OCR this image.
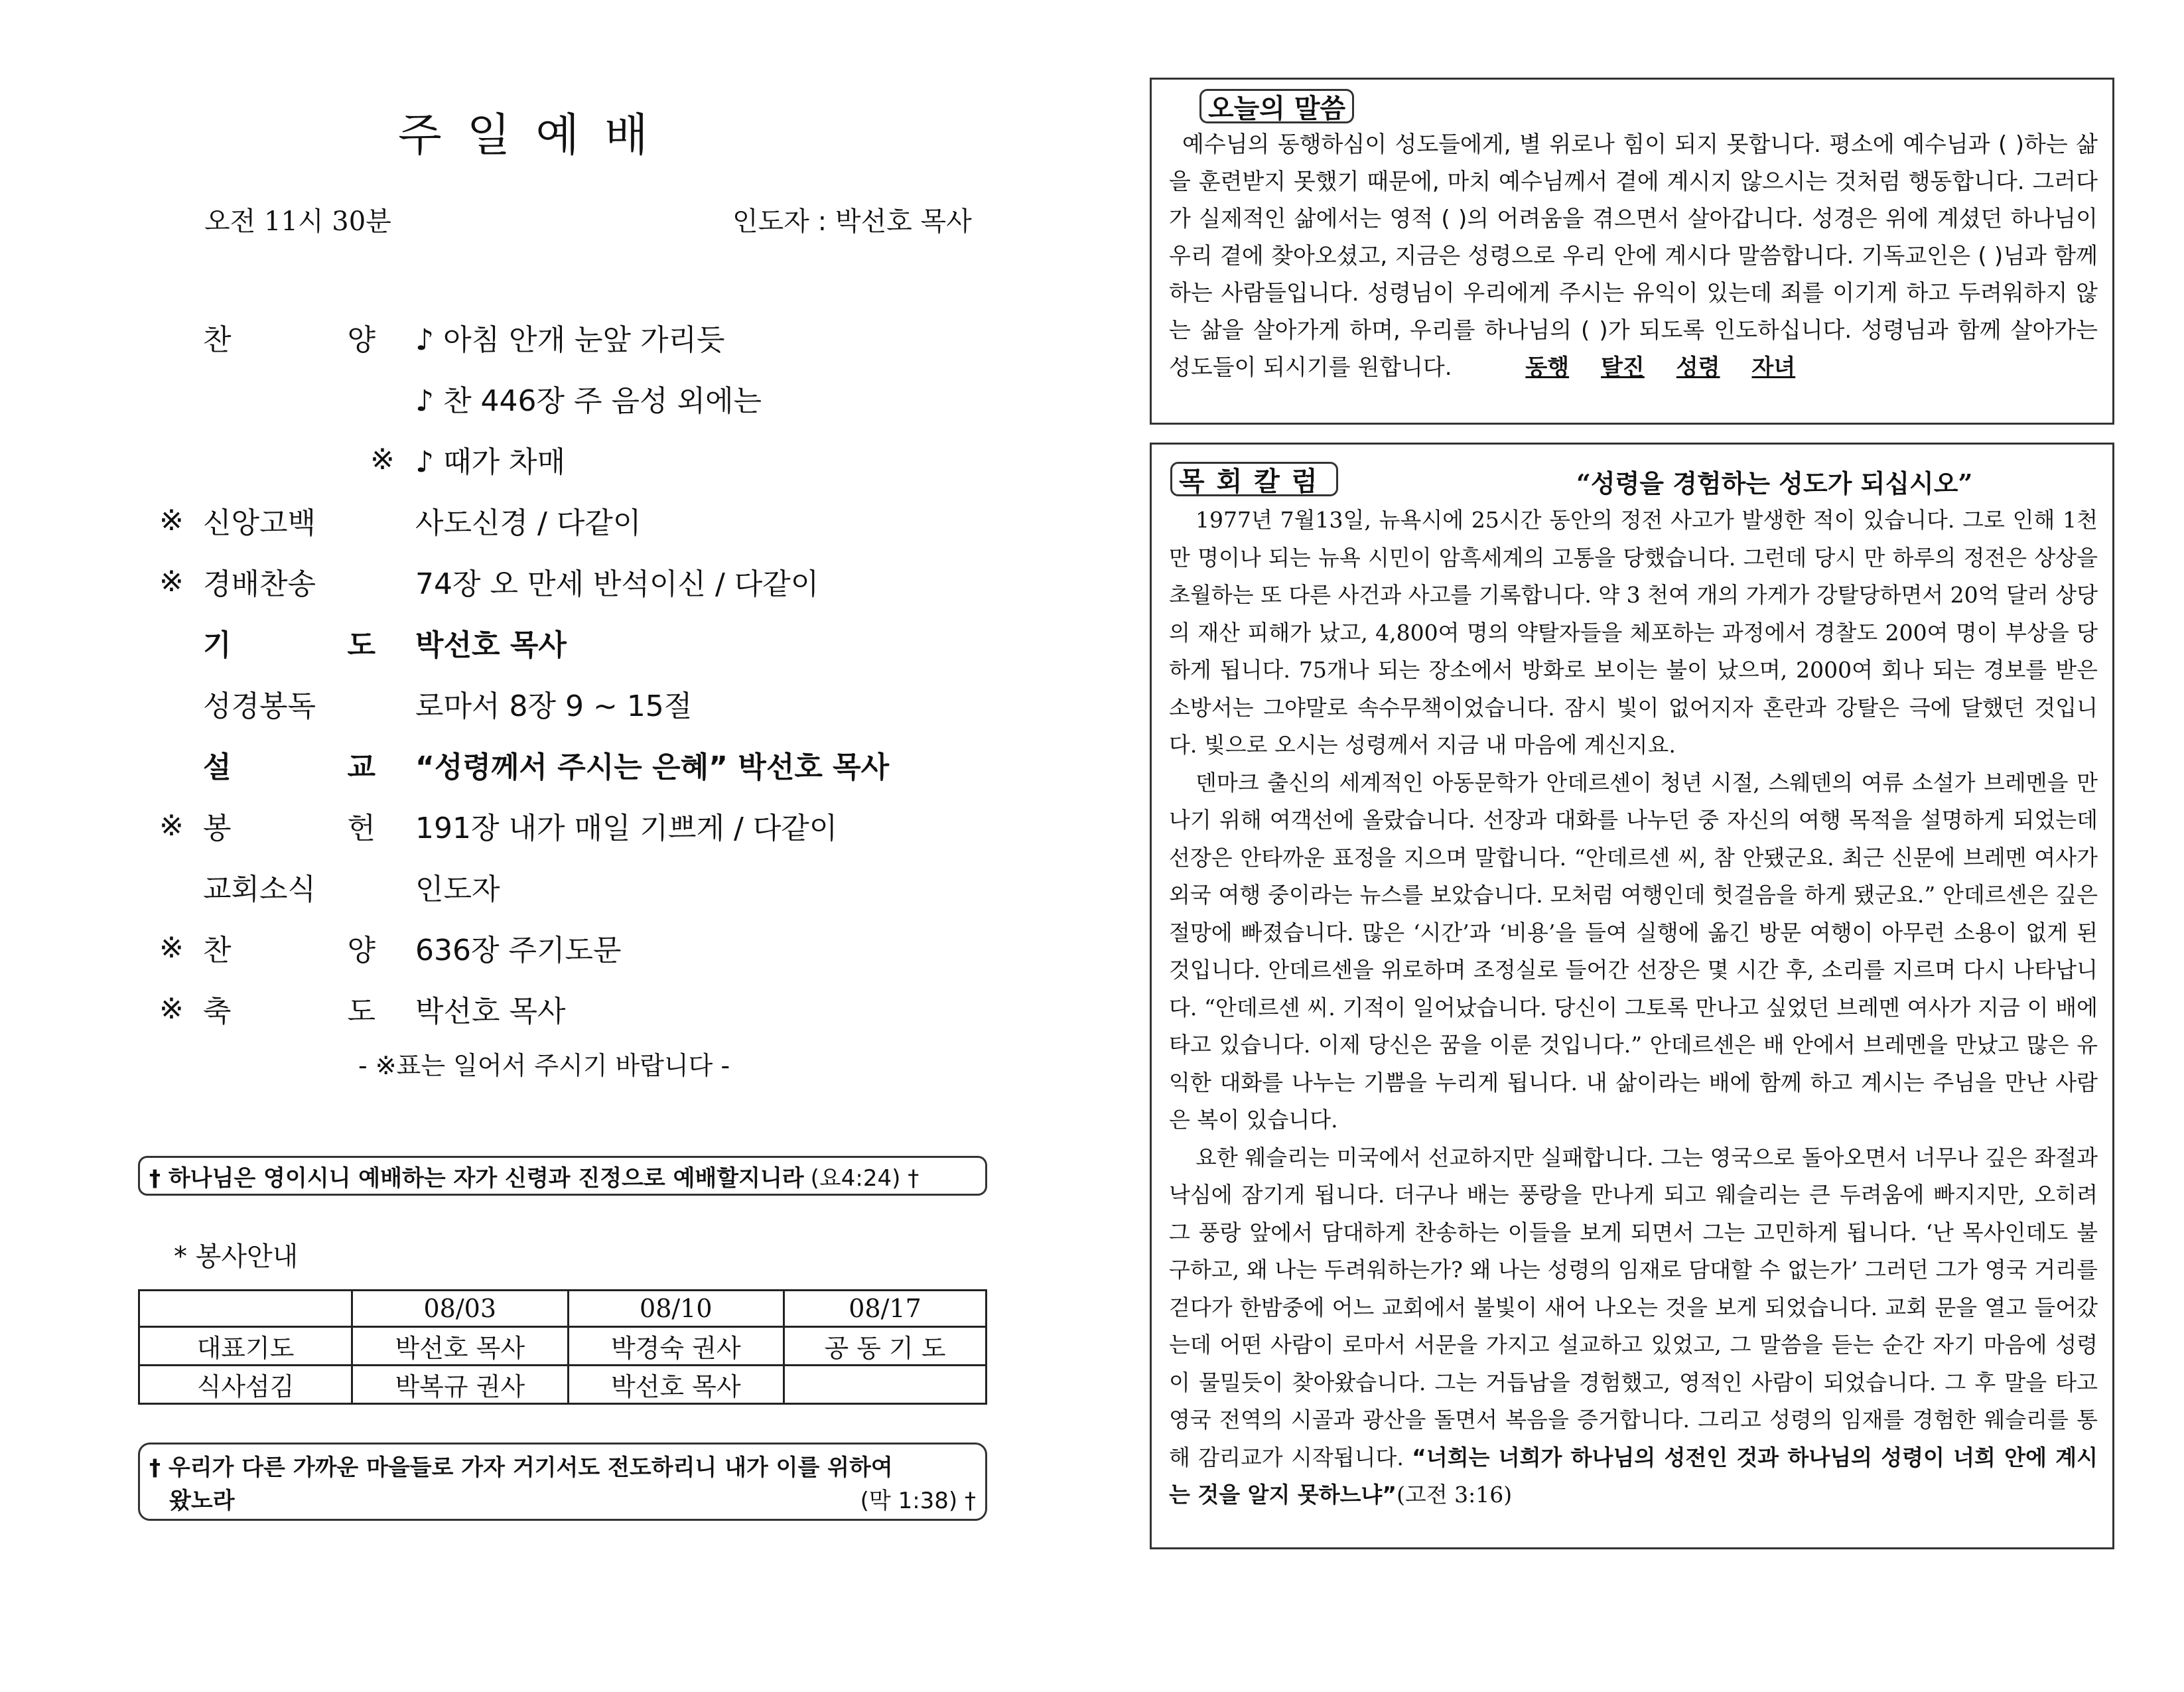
주일예배
오전 11시 30분	인도자 : 박선호 목사
찬	양 ♪ 아침 안개 눈앞 가리듯
♪ 찬 446장 주 음성 외에는
※ ♪ 때가 차매
※ 신앙고백	사도신경 / 다같이
※ 경배찬송	74장 오 만세 반석이신 / 다같이
기	도 박선호 목사
성경봉독	로마서 8장 9 ~ 15절
설	교 “성령께서 주시는 은혜” 박선호 목사
※ 봉	헌 191장 내가 매일 기쁘게 / 다같이
교회소식	인도자
※ 찬	양 636장 주기도문
※ 축	도 박선호 목사
- ※표는 일어서 주시기 바랍니다 -
† 하나님은 영이시니 예배하는 자가 신령과 진정으로 예배할지니라 (요4:24) †
* 봉사안내
	08/03	08/10	08/17
대표기도	박선호 목사	박경숙 권사	공 동 기 도
식사섬김	박복규 권사	박선호 목사	
† 우리가 다른 가까운 마을들로 가자 거기서도 전도하리니 내가 이를 위하여
왔노라	(막 1:38) †
오늘의 말씀
예수님의 동행하심이 성도들에게, 별 위로나 힘이 되지 못합니다. 평소에 예수님과 ( )하는 삶을 훈련받지 못했기 때문에, 마치 예수님께서 곁에 계시지 않으시는 것처럼 행동합니다. 그러다가 실제적인 삶에서는 영적 ( )의 어려움을 겪으면서 살아갑니다. 성경은 위에 계셨던 하나님이 우리 곁에 찾아오셨고, 지금은 성령으로 우리 안에 계시다 말씀합니다. 기독교인은 ( )님과 함께하는 사람들입니다. 성령님이 우리에게 주시는 유익이 있는데 죄를 이기게 하고 두려워하지 않는 삶을 살아가게 하며, 우리를 하나님의 ( )가 되도록 인도하십니다. 성령님과 함께 살아가는 성도들이 되시기를 원합니다.	동행 탈진 성령 자녀
목회칼럼	“성령을 경험하는 성도가 되십시오”

1977년 7월13일, 뉴욕시에 25시간 동안의 정전 사고가 발생한 적이 있습니다. 그로 인해 1천만 명이나 되는 뉴욕 시민이 암흑세계의 고통을 당했습니다. 그런데 당시 만 하루의 정전은 상상을 초월하는 또 다른 사건과 사고를 기록합니다. 약 3 천여 개의 가게가 강탈당하면서 20억 달러 상당의 재산 피해가 났고, 4,800여 명의 약탈자들을 체포하는 과정에서 경찰도 200여 명이 부상을 당하게 됩니다. 75개나 되는 장소에서 방화로 보이는 불이 났으며, 2000여 회나 되는 경보를 받은 소방서는 그야말로 속수무책이었습니다. 잠시 빛이 없어지자 혼란과 강탈은 극에 달했던 것입니다. 빛으로 오시는 성령께서 지금 내 마음에 계신지요.

덴마크 출신의 세계적인 아동문학가 안데르센이 청년 시절, 스웨덴의 여류 소설가 브레멘을 만나기 위해 여객선에 올랐습니다. 선장과 대화를 나누던 중 자신의 여행 목적을 설명하게 되었는데 선장은 안타까운 표정을 지으며 말합니다. “안데르센 씨, 참 안됐군요. 최근 신문에 브레멘 여사가 외국 여행 중이라는 뉴스를 보았습니다. 모처럼 여행인데 헛걸음을 하게 됐군요.” 안데르센은 깊은 절망에 빠졌습니다. 많은 ‘시간’과 ‘비용’을 들여 실행에 옮긴 방문 여행이 아무런 소용이 없게 된 것입니다. 안데르센을 위로하며 조정실로 들어간 선장은 몇 시간 후, 소리를 지르며 다시 나타납니다. “안데르센 씨. 기적이 일어났습니다. 당신이 그토록 만나고 싶었던 브레멘 여사가 지금 이 배에 타고 있습니다. 이제 당신은 꿈을 이룬 것입니다.” 안데르센은 배 안에서 브레멘을 만났고 많은 유익한 대화를 나누는 기쁨을 누리게 됩니다. 내 삶이라는 배에 함께 하고 계시는 주님을 만난 사람은 복이 있습니다.

요한 웨슬리는 미국에서 선교하지만 실패합니다. 그는 영국으로 돌아오면서 너무나 깊은 좌절과 낙심에 잠기게 됩니다. 더구나 배는 풍랑을 만나게 되고 웨슬리는 큰 두려움에 빠지지만, 오히려 그 풍랑 앞에서 담대하게 찬송하는 이들을 보게 되면서 그는 고민하게 됩니다. ‘난 목사인데도 불구하고, 왜 나는 두려워하는가? 왜 나는 성령의 임재로 담대할 수 없는가’ 그러던 그가 영국 거리를 걷다가 한밤중에 어느 교회에서 불빛이 새어 나오는 것을 보게 되었습니다. 교회 문을 열고 들어갔는데 어떤 사람이 로마서 서문을 가지고 설교하고 있었고, 그 말씀을 듣는 순간 자기 마음에 성령이 물밀듯이 찾아왔습니다. 그는 거듭남을 경험했고, 영적인 사람이 되었습니다. 그 후 말을 타고 영국 전역의 시골과 광산을 돌면서 복음을 증거합니다. 그리고 성령의 임재를 경험한 웨슬리를 통해 감리교가 시작됩니다. “너희는 너희가 하나님의 성전인 것과 하나님의 성령이 너희 안에 계시는 것을 알지 못하느냐”(고전 3:16)
